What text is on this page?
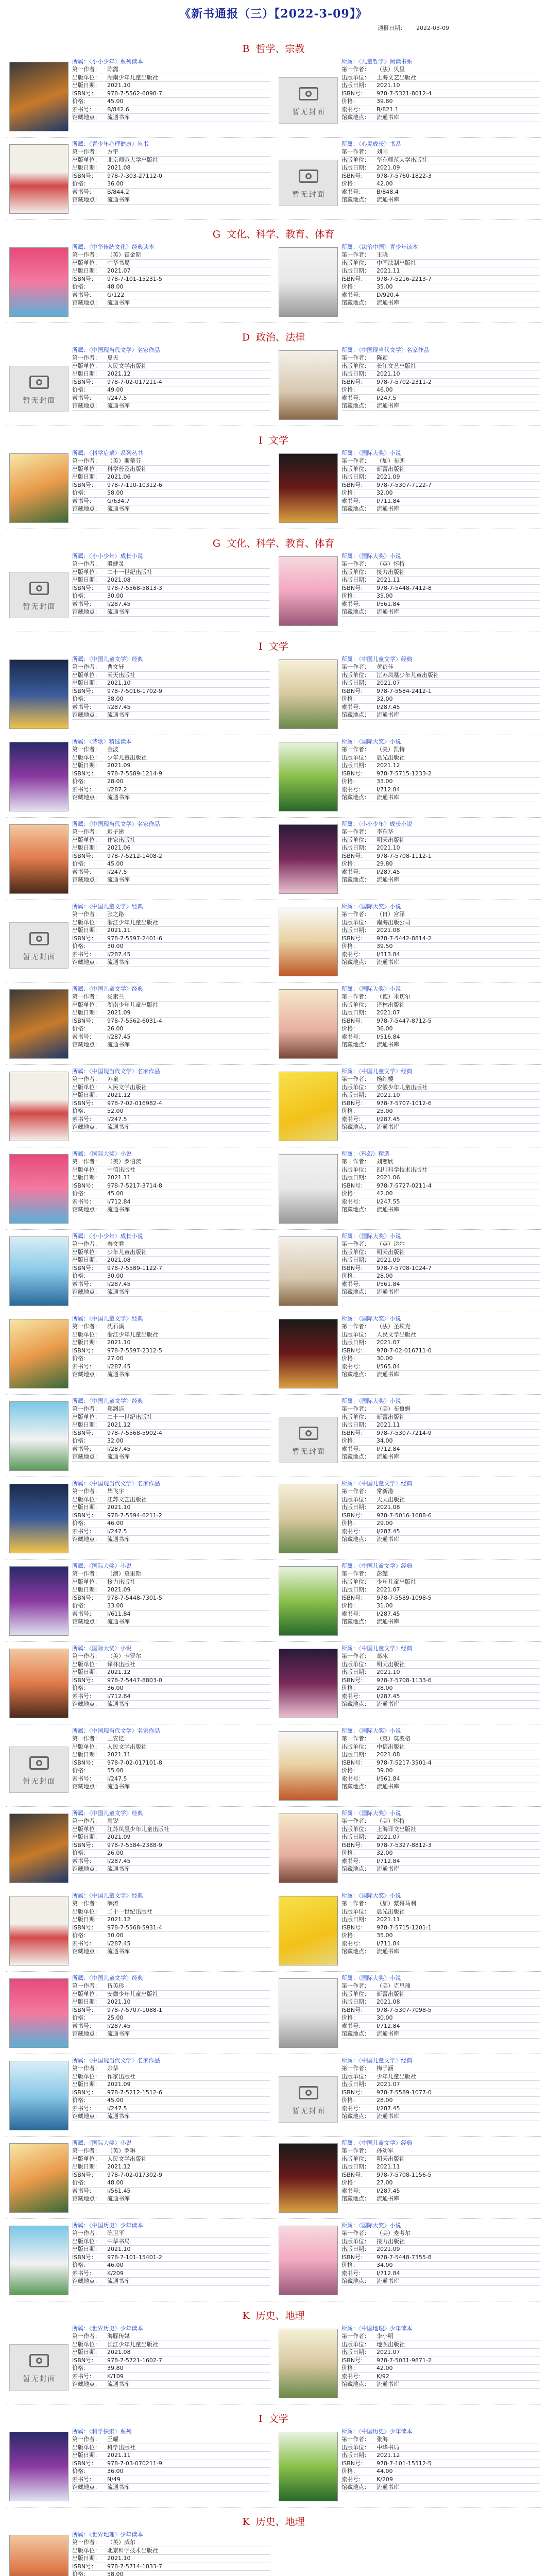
《新书通报（三）【2022-3-09】》
通报日期： 2022-03-09
B 哲学、宗教
所属：〈小小少年〉系列读本
第一作者： 陈露
出版单位： 湖南少年儿童出版社
出版日期： 2021.10
ISBN号： 978-7-5562-6098-7
价格：	45.00
索书号： B/842.6
馆藏地点： 流通书库
暂无封面
所属：〈儿童哲学〉阅读书系
第一作者： （法）贝里
出版单位： 上海文艺出版社
出版日期： 2021.10
ISBN号： 978-7-5321-8012-4
价格：	39.80
索书号： B/821.1
馆藏地点： 流通书库
所属：〈青少年心理健康〉丛书
第一作者： 方宇
出版单位： 北京师范大学出版社
出版日期： 2021.08
ISBN号： 978-7-303-27112-0
价格：	36.00
索书号： B/844.2
馆藏地点： 流通书库
暂无封面
所属：〈心灵成长〉书系
第一作者： 刘雨
出版单位： 华东师范大学出版社
出版日期： 2021.09
ISBN号： 978-7-5760-1822-3
价格：	42.00
索书号： B/848.4
馆藏地点： 流通书库
G 文化、科学、教育、体育
所属：〈中华传统文化〉经典读本
第一作者： （英）霍金斯
出版单位： 中华书局
出版日期： 2021.07
ISBN号： 978-7-101-15231-5
价格：	48.00
索书号： G/122
馆藏地点： 流通书库
所属：〈法治中国〉青少年读本
第一作者： 王晓
出版单位： 中国法制出版社
出版日期： 2021.11
ISBN号： 978-7-5216-2213-7
价格：	35.00
索书号： D/920.4
馆藏地点： 流通书库
D 政治、法律
暂无封面
所属：〈中国现当代文学〉名家作品
第一作者： 夏天
出版单位： 人民文学出版社
出版日期： 2021.12
ISBN号： 978-7-02-017211-4
价格：	49.00
索书号： I/247.5
馆藏地点： 流通书库
所属：〈中国现当代文学〉名家作品
第一作者： 陈颖
出版单位： 长江文艺出版社
出版日期： 2021.10
ISBN号： 978-7-5702-2311-2
价格：	46.00
索书号： I/247.5
馆藏地点： 流通书库
I 文学
所属：〈科学启蒙〉系列丛书
第一作者： （美）斯蒂芬
出版单位： 科学普及出版社
出版日期： 2021.06
ISBN号： 978-7-110-10312-6
价格：	58.00
索书号： G/634.7
馆藏地点： 流通书库
所属：〈国际大奖〉小说
第一作者： （加）布朗
出版单位： 新蕾出版社
出版日期： 2021.09
ISBN号： 978-7-5307-7122-7
价格：	32.00
索书号： I/711.84
馆藏地点： 流通书库
G 文化、科学、教育、体育
暂无封面
所属：〈小小少年〉成长小说
第一作者： 殷健灵
出版单位： 二十一世纪出版社
出版日期： 2021.08
ISBN号： 978-7-5568-5813-3
价格：	30.00
索书号： I/287.45
馆藏地点： 流通书库
所属：〈国际大奖〉小说
第一作者： （英）怀特
出版单位： 接力出版社
出版日期： 2021.11
ISBN号： 978-7-5448-7412-8
价格：	35.00
索书号： I/561.84
馆藏地点： 流通书库
I 文学
所属：〈中国儿童文学〉经典
第一作者： 曹文轩
出版单位： 天天出版社
出版日期： 2021.10
ISBN号： 978-7-5016-1702-9
价格：	38.00
索书号： I/287.45
馆藏地点： 流通书库
所属：〈中国儿童文学〉经典
第一作者： 黄蓓佳
出版单位： 江苏凤凰少年儿童出版社
出版日期： 2021.07
ISBN号： 978-7-5584-2412-1
价格：	32.00
索书号： I/287.45
馆藏地点： 流通书库
所属：〈诗歌〉精选读本
第一作者： 金波
出版单位： 少年儿童出版社
出版日期： 2021.09
ISBN号： 978-7-5589-1214-9
价格：	28.00
索书号： I/287.2
馆藏地点： 流通书库
所属：〈国际大奖〉小说
第一作者： （美）凯特
出版单位： 晨光出版社
出版日期： 2021.12
ISBN号： 978-7-5715-1233-2
价格：	33.00
索书号： I/712.84
馆藏地点： 流通书库
所属：〈中国现当代文学〉名家作品
第一作者： 迟子建
出版单位： 作家出版社
出版日期： 2021.06
ISBN号： 978-7-5212-1408-2
价格：	45.00
索书号： I/247.5
馆藏地点： 流通书库
所属：〈小小少年〉成长小说
第一作者： 李东华
出版单位： 明天出版社
出版日期： 2021.10
ISBN号： 978-7-5708-1112-1
价格：	29.80
索书号： I/287.45
馆藏地点： 流通书库
暂无封面
所属：〈中国儿童文学〉经典
第一作者： 张之路
出版单位： 浙江少年儿童出版社
出版日期： 2021.11
ISBN号： 978-7-5597-2401-6
价格：	30.00
索书号： I/287.45
馆藏地点： 流通书库
所属：〈国际大奖〉小说
第一作者： （日）宫泽
出版单位： 南海出版公司
出版日期： 2021.08
ISBN号： 978-7-5442-8814-2
价格：	39.50
索书号： I/313.84
馆藏地点： 流通书库
所属：〈中国儿童文学〉经典
第一作者： 汤素兰
出版单位： 湖南少年儿童出版社
出版日期： 2021.09
ISBN号： 978-7-5562-6031-4
价格：	26.00
索书号： I/287.45
馆藏地点： 流通书库
所属：〈国际大奖〉小说
第一作者： （德）米切尔
出版单位： 译林出版社
出版日期： 2021.07
ISBN号： 978-7-5447-8712-5
价格：	36.00
索书号： I/516.84
馆藏地点： 流通书库
所属：〈中国现当代文学〉名家作品
第一作者： 苏童
出版单位： 人民文学出版社
出版日期： 2021.12
ISBN号： 978-7-02-016982-4
价格：	52.00
索书号： I/247.5
馆藏地点： 流通书库
所属：〈中国儿童文学〉经典
第一作者： 杨红樱
出版单位： 安徽少年儿童出版社
出版日期： 2021.10
ISBN号： 978-7-5707-1012-6
价格：	25.00
索书号： I/287.45
馆藏地点： 流通书库
所属：〈国际大奖〉小说
第一作者： （美）罗伯茨
出版单位： 中信出版社
出版日期： 2021.11
ISBN号： 978-7-5217-3714-8
价格：	45.00
索书号： I/712.84
馆藏地点： 流通书库
所属：〈科幻〉精选
第一作者： 刘慈欣
出版单位： 四川科学技术出版社
出版日期： 2021.06
ISBN号： 978-7-5727-0211-4
价格：	42.00
索书号： I/247.55
馆藏地点： 流通书库
所属：〈小小少年〉成长小说
第一作者： 秦文君
出版单位： 少年儿童出版社
出版日期： 2021.08
ISBN号： 978-7-5589-1122-7
价格：	30.00
索书号： I/287.45
馆藏地点： 流通书库
所属：〈国际大奖〉小说
第一作者： （英）达尔
出版单位： 明天出版社
出版日期： 2021.09
ISBN号： 978-7-5708-1024-7
价格：	28.00
索书号： I/561.84
馆藏地点： 流通书库
所属：〈中国儿童文学〉经典
第一作者： 沈石溪
出版单位： 浙江少年儿童出版社
出版日期： 2021.10
ISBN号： 978-7-5597-2312-5
价格：	27.00
索书号： I/287.45
馆藏地点： 流通书库
所属：〈国际大奖〉小说
第一作者： （法）圣埃克
出版单位： 人民文学出版社
出版日期： 2021.07
ISBN号： 978-7-02-016711-0
价格：	30.00
索书号： I/565.84
馆藏地点： 流通书库
所属：〈中国儿童文学〉经典
第一作者： 郑渊洁
出版单位： 二十一世纪出版社
出版日期： 2021.12
ISBN号： 978-7-5568-5902-4
价格：	32.00
索书号： I/287.45
馆藏地点： 流通书库
暂无封面
所属：〈国际大奖〉小说
第一作者： （美）布鲁姆
出版单位： 新蕾出版社
出版日期： 2021.11
ISBN号： 978-7-5307-7214-9
价格：	34.00
索书号： I/712.84
馆藏地点： 流通书库
所属：〈中国现当代文学〉名家作品
第一作者： 毕飞宇
出版单位： 江苏文艺出版社
出版日期： 2021.10
ISBN号： 978-7-5594-6211-2
价格：	46.00
索书号： I/247.5
馆藏地点： 流通书库
所属：〈中国儿童文学〉经典
第一作者： 常新港
出版单位： 天天出版社
出版日期： 2021.08
ISBN号： 978-7-5016-1688-6
价格：	29.00
索书号： I/287.45
馆藏地点： 流通书库
所属：〈国际大奖〉小说
第一作者： （澳）莫里斯
出版单位： 接力出版社
出版日期： 2021.09
ISBN号： 978-7-5448-7301-5
价格：	33.00
索书号： I/611.84
馆藏地点： 流通书库
所属：〈中国儿童文学〉经典
第一作者： 彭懿
出版单位： 少年儿童出版社
出版日期： 2021.07
ISBN号： 978-7-5589-1098-5
价格：	31.00
索书号： I/287.45
馆藏地点： 流通书库
所属：〈国际大奖〉小说
第一作者： （美）卡罗尔
出版单位： 译林出版社
出版日期： 2021.12
ISBN号： 978-7-5447-8803-0
价格：	36.00
索书号： I/712.84
馆藏地点： 流通书库
所属：〈中国儿童文学〉经典
第一作者： 葛冰
出版单位： 明天出版社
出版日期： 2021.10
ISBN号： 978-7-5708-1133-6
价格：	28.00
索书号： I/287.45
馆藏地点： 流通书库
暂无封面
所属：〈中国现当代文学〉名家作品
第一作者： 王安忆
出版单位： 人民文学出版社
出版日期： 2021.11
ISBN号： 978-7-02-017101-8
价格：	55.00
索书号： I/247.5
馆藏地点： 流通书库
所属：〈国际大奖〉小说
第一作者： （英）莫波格
出版单位： 中信出版社
出版日期： 2021.08
ISBN号： 978-7-5217-3501-4
价格：	39.00
索书号： I/561.84
馆藏地点： 流通书库
所属：〈中国儿童文学〉经典
第一作者： 周锐
出版单位： 江苏凤凰少年儿童出版社
出版日期： 2021.09
ISBN号： 978-7-5584-2388-9
价格：	26.00
索书号： I/287.45
馆藏地点： 流通书库
所属：〈国际大奖〉小说
第一作者： （美）怀特
出版单位： 上海译文出版社
出版日期： 2021.07
ISBN号： 978-7-5327-8812-3
价格：	32.00
索书号： I/712.84
馆藏地点： 流通书库
所属：〈中国儿童文学〉经典
第一作者： 薛涛
出版单位： 二十一世纪出版社
出版日期： 2021.12
ISBN号： 978-7-5568-5931-4
价格：	30.00
索书号： I/287.45
馆藏地点： 流通书库
所属：〈国际大奖〉小说
第一作者： （加）蒙哥马利
出版单位： 晨光出版社
出版日期： 2021.11
ISBN号： 978-7-5715-1201-1
价格：	35.00
索书号： I/711.84
馆藏地点： 流通书库
所属：〈中国儿童文学〉经典
第一作者： 伍美珍
出版单位： 安徽少年儿童出版社
出版日期： 2021.10
ISBN号： 978-7-5707-1088-1
价格：	25.00
索书号： I/287.45
馆藏地点： 流通书库
所属：〈国际大奖〉小说
第一作者： （美）克里瑞
出版单位： 新蕾出版社
出版日期： 2021.08
ISBN号： 978-7-5307-7098-5
价格：	30.00
索书号： I/712.84
馆藏地点： 流通书库
所属：〈中国现当代文学〉名家作品
第一作者： 余华
出版单位： 作家出版社
出版日期： 2021.09
ISBN号： 978-7-5212-1512-6
价格：	45.00
索书号： I/247.5
馆藏地点： 流通书库
暂无封面
所属：〈中国儿童文学〉经典
第一作者： 梅子涵
出版单位： 少年儿童出版社
出版日期： 2021.07
ISBN号： 978-7-5589-1077-0
价格：	28.00
索书号： I/287.45
馆藏地点： 流通书库
所属：〈国际大奖〉小说
第一作者： （英）罗琳
出版单位： 人民文学出版社
出版日期： 2021.12
ISBN号： 978-7-02-017302-9
价格：	48.00
索书号： I/561.45
馆藏地点： 流通书库
所属：〈中国儿童文学〉经典
第一作者： 孙幼军
出版单位： 明天出版社
出版日期： 2021.11
ISBN号： 978-7-5708-1156-5
价格：	27.00
索书号： I/287.45
馆藏地点： 流通书库
所属：〈中国历史〉少年读本
第一作者： 陈卫平
出版单位： 中华书局
出版日期： 2021.10
ISBN号： 978-7-101-15401-2
价格：	46.00
索书号： K/209
馆藏地点： 流通书库
所属：〈国际大奖〉小说
第一作者： （美）麦考尔
出版单位： 接力出版社
出版日期： 2021.09
ISBN号： 978-7-5448-7355-8
价格：	34.00
索书号： I/712.84
馆藏地点： 流通书库
K 历史、地理
暂无封面
所属：〈世界历史〉少年读本
第一作者： 海豚传媒
出版单位： 长江少年儿童出版社
出版日期： 2021.08
ISBN号： 978-7-5721-1602-7
价格：	39.80
索书号： K/109
馆藏地点： 流通书库
所属：〈中国地理〉少年读本
第一作者： 李小明
出版单位： 地图出版社
出版日期： 2021.07
ISBN号： 978-7-5031-9871-2
价格：	42.00
索书号： K/92
馆藏地点： 流通书库
I 文学
所属：〈科学探索〉系列
第一作者： 王耀
出版单位： 科学出版社
出版日期： 2021.11
ISBN号： 978-7-03-070211-9
价格：	36.00
索书号： N/49
馆藏地点： 流通书库
所属：〈中国历史〉少年读本
第一作者： 张海
出版单位： 中华书局
出版日期： 2021.12
ISBN号： 978-7-101-15512-5
价格：	44.00
索书号： K/209
馆藏地点： 流通书库
K 历史、地理
所属：〈世界地理〉少年读本
第一作者： （英）威尔
出版单位： 北京科学技术出版社
出版日期： 2021.10
ISBN号： 978-7-5714-1833-7
价格：	58.00
